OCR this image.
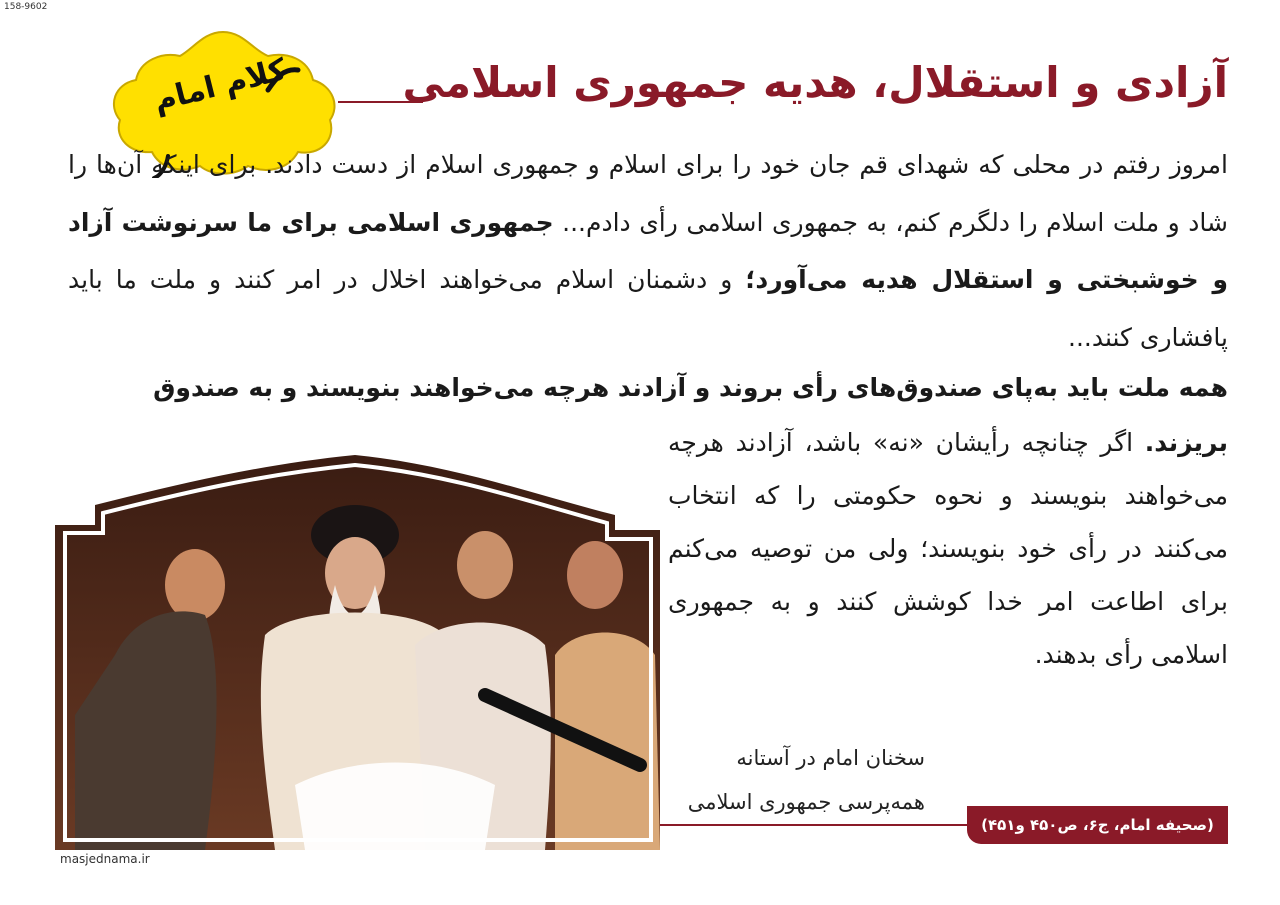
158-9602
کلام امام	آزادی و استقلال، هدیه جمهوری اسلامی
امروز رفتم در محلی که شهدای قم جان خود را برای اسلام و جمهوری اسلام از دست دادند. برای اینکه آن‌ها را شاد و ملت اسلام را دلگرم کنم، به جمهوری اسلامی رأی دادم... جمهوری اسلامی برای ما سرنوشت آزاد و خوشبختی و استقلال هدیه می‌آورد؛ و دشمنان اسلام می‌خواهند اخلال در امر کنند و ملت ما باید پافشاری کنند...
همه ملت باید به‌پای صندوق‌های رأی بروند و آزادند هرچه می‌خواهند بنویسند و به صندوق
بریزند. اگر چنانچه رأیشان «نه» باشد، آزادند هرچه می‌خواهند بنویسند و نحوه حکومتی را که انتخاب می‌کنند در رأی خود بنویسند؛ ولی من توصیه می‌کنم برای اطاعت امر خدا کوشش کنند و به جمهوری اسلامی رأی بدهند.
سخنان امام در آستانه
همه‌پرسی جمهوری اسلامی
(صحیفه امام، ج۶، ص۴۵۰ و۴۵۱)
masjednama.ir
